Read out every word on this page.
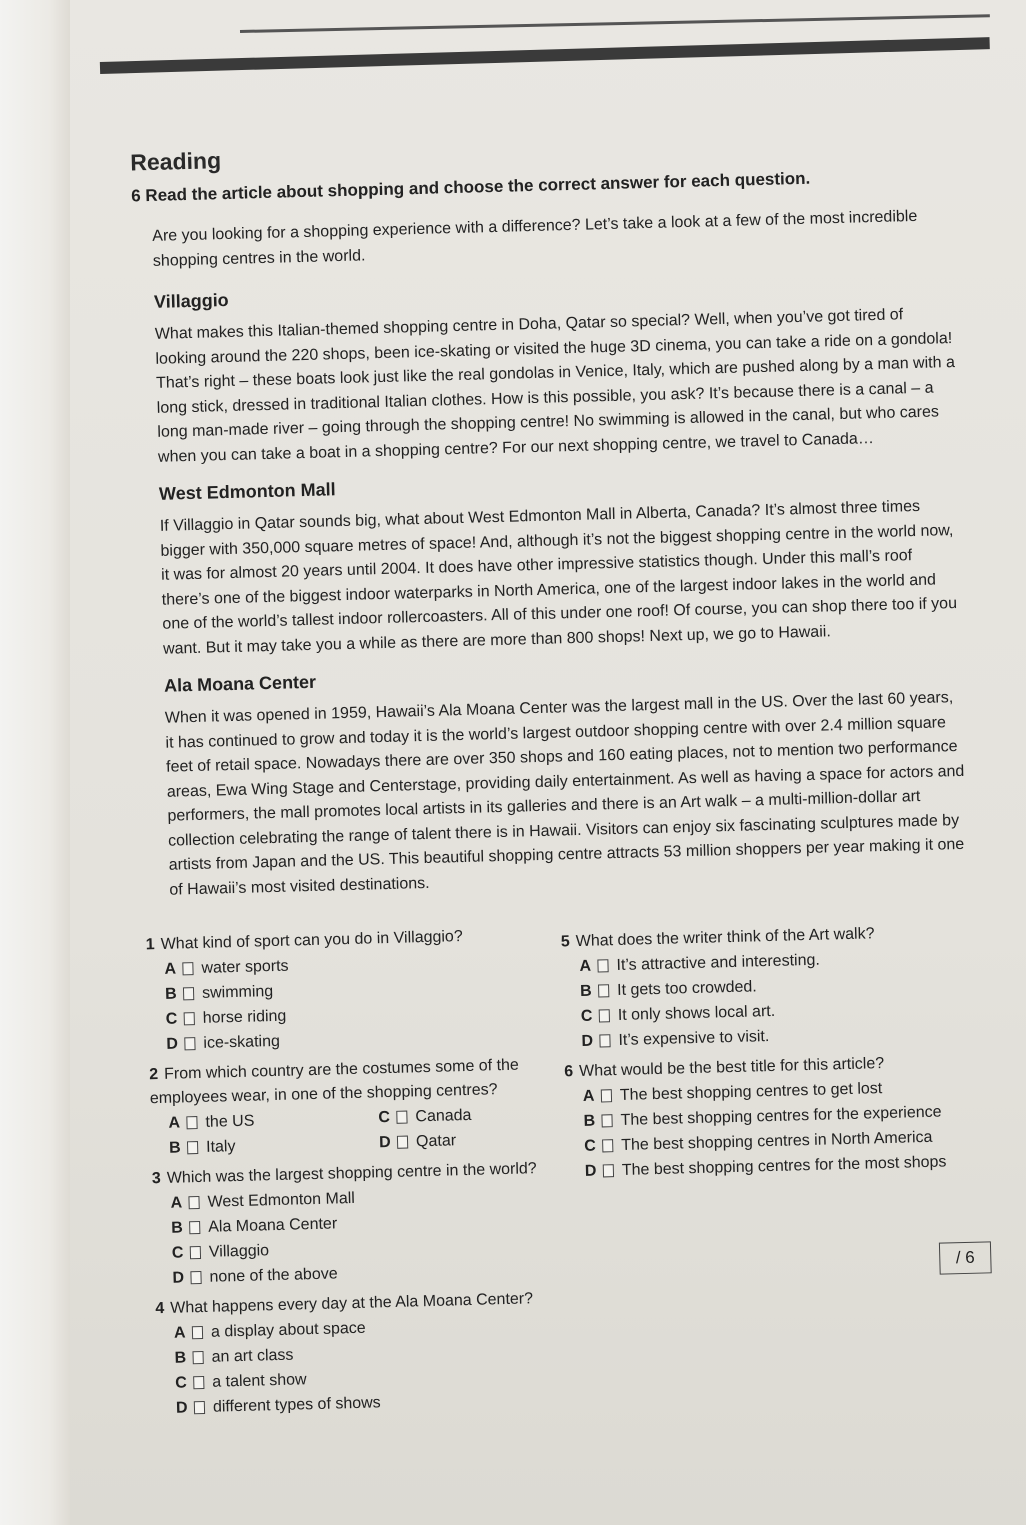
Reading
6 Read the article about shopping and choose the correct answer for each question.
Are you looking for a shopping experience with a difference? Let’s take a look at a few of the most incredible shopping centres in the world.
Villaggio
What makes this Italian-themed shopping centre in Doha, Qatar so special? Well, when you’ve got tired of looking around the 220 shops, been ice-skating or visited the huge 3D cinema, you can take a ride on a gondola! That’s right – these boats look just like the real gondolas in Venice, Italy, which are pushed along by a man with a long stick, dressed in traditional Italian clothes. How is this possible, you ask? It’s because there is a canal – a long man-made river – going through the shopping centre! No swimming is allowed in the canal, but who cares when you can take a boat in a shopping centre? For our next shopping centre, we travel to Canada…
West Edmonton Mall
If Villaggio in Qatar sounds big, what about West Edmonton Mall in Alberta, Canada? It’s almost three times bigger with 350,000 square metres of space! And, although it’s not the biggest shopping centre in the world now, it was for almost 20 years until 2004. It does have other impressive statistics though. Under this mall’s roof there’s one of the biggest indoor waterparks in North America, one of the largest indoor lakes in the world and one of the world’s tallest indoor rollercoasters. All of this under one roof! Of course, you can shop there too if you want. But it may take you a while as there are more than 800 shops! Next up, we go to Hawaii.
Ala Moana Center
When it was opened in 1959, Hawaii’s Ala Moana Center was the largest mall in the US. Over the last 60 years, it has continued to grow and today it is the world’s largest outdoor shopping centre with over 2.4 million square feet of retail space. Nowadays there are over 350 shops and 160 eating places, not to mention two performance areas, Ewa Wing Stage and Centerstage, providing daily entertainment. As well as having a space for actors and performers, the mall promotes local artists in its galleries and there is an Art walk – a multi-million-dollar art collection celebrating the range of talent there is in Hawaii. Visitors can enjoy six fascinating sculptures made by artists from Japan and the US. This beautiful shopping centre attracts 53 million shoppers per year making it one of Hawaii’s most visited destinations.
1 What kind of sport can you do in Villaggio?
A	water sports
B	swimming
C	horse riding
D	ice-skating
2 From which country are the costumes some of the employees wear, in one of the shopping centres?
A	the US	C	Canada
B	Italy	D	Qatar
3 Which was the largest shopping centre in the world?
A	West Edmonton Mall
B	Ala Moana Center
C	Villaggio
D	none of the above
4 What happens every day at the Ala Moana Center?
A	a display about space
B	an art class
C	a talent show
D	different types of shows
5 What does the writer think of the Art walk?
A	It’s attractive and interesting.
B	It gets too crowded.
C	It only shows local art.
D	It’s expensive to visit.
6 What would be the best title for this article?
A	The best shopping centres to get lost
B	The best shopping centres for the experience
C	The best shopping centres in North America
D	The best shopping centres for the most shops
/ 6
